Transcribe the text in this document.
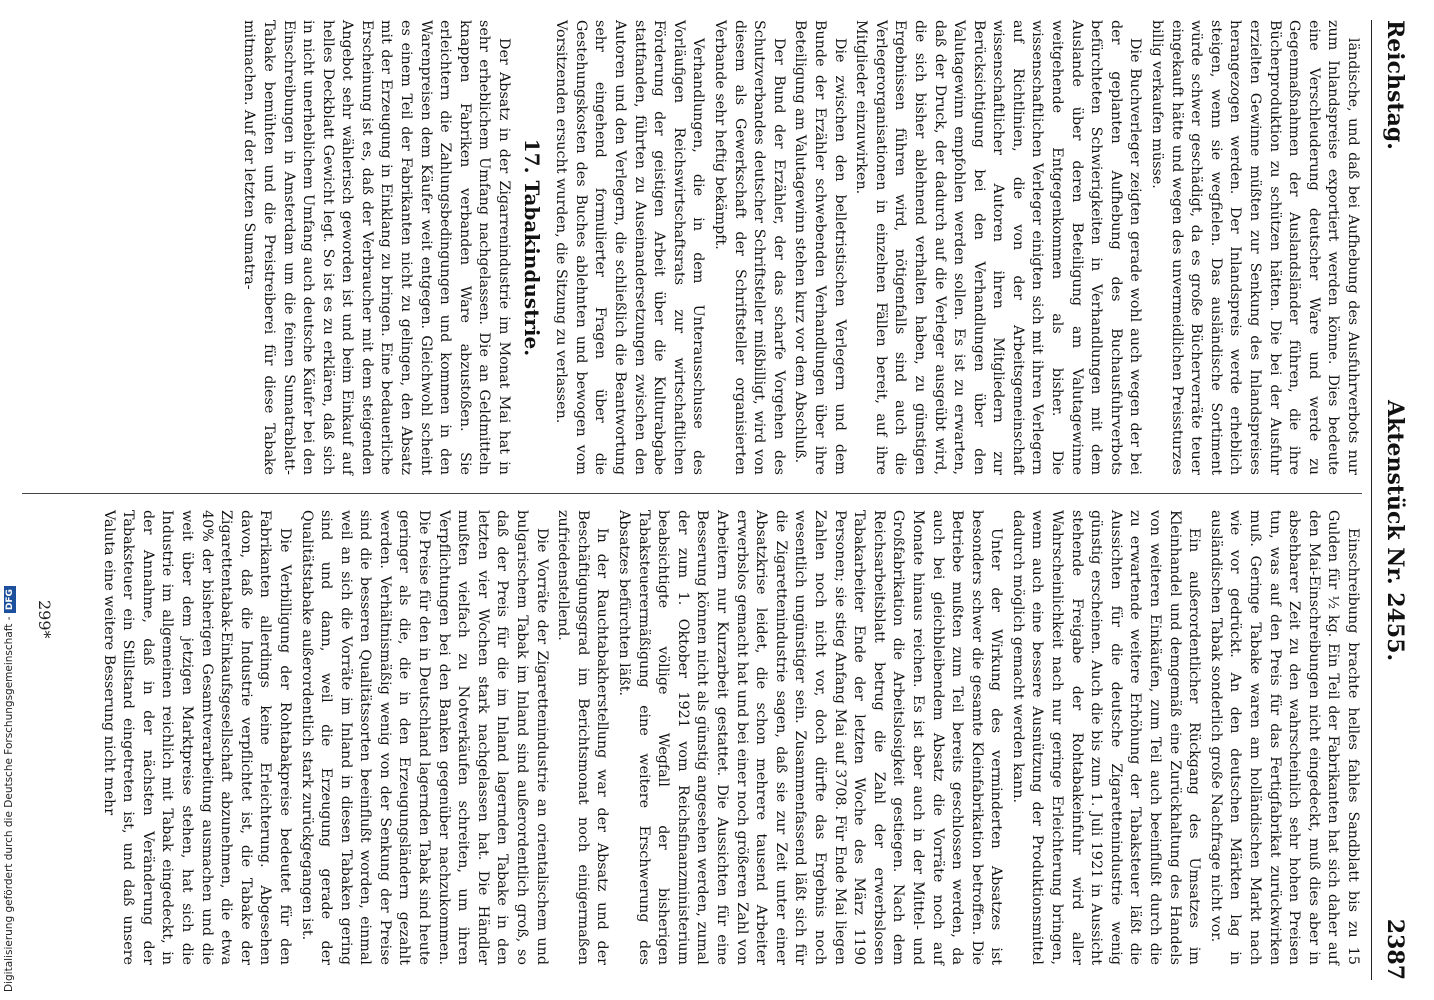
Reichstag.
Aktenstück Nr. 2455.
2387

ländische, und daß bei Aufhebung des Ausfuhrverbots nur zum Inlandspreise exportiert werden könne. Dies bedeute eine Verschleuderung deutscher Ware und werde zu Gegenmaßnahmen der Auslandsländer führen, die ihre Bücherproduktion zu schützen hätten. Die bei der Ausfuhr erzielten Gewinne müßten zur Senkung des Inlandspreises herangezogen werden. Der Inlandspreis werde erheblich steigen, wenn sie wegfielen. Das ausländische Sortiment würde schwer geschädigt, da es große Bücherverräte teuer eingekauft hätte und wegen des unvermeidlichen Preissturzes billig verkaufen müsse.

Die Buchverleger zeigten gerade wohl auch wegen der bei der geplanten Aufhebung des Buchausfuhrverbots befürchteten Schwierigkeiten in Verhandlungen mit dem Auslande über deren Beteiligung am Valutagewinne weitgehende Entgegenkommen als bisher. Die wissenschaftlichen Verleger einigten sich mit ihren Verlegern auf Richtlinien, die von der Arbeitsgemeinschaft wissenschaftlicher Autoren ihren Mitgliedern zur Berücksichtigung bei den Verhandlungen über den Valutagewinn empfohlen werden sollen. Es ist zu erwarten, daß der Druck, der dadurch auf die Verleger ausgeübt wird, die sich bisher ablehnend verhalten haben, zu günstigen Ergebnissen führen wird, nötigenfalls sind auch die Verlegerorganisationen in einzelnen Fällen bereit, auf ihre Mitglieder einzuwirken.

Die zwischen den belletristischen Verlegern und dem Bunde der Erzähler schwebenden Verhandlungen über ihre Beteiligung am Valutagewinn stehen kurz vor dem Abschluß.

Der Bund der Erzähler, der das scharfe Vorgehen des Schutzverbandes deutscher Schriftsteller mißbilligt, wird von diesem als Gewerkschaft der Schriftsteller organisierten Verbande sehr heftig bekämpft.

Verhandlungen, die in dem Unterausschusse des Vorläufigen Reichswirtschaftsrats zur wirtschaftlichen Förderung der geistigen Arbeit über die Kulturabgabe stattfanden, führten zu Auseinandersetzungen zwischen den Autoren und den Verlegern, die schließlich die Beantwortung sehr eingehend formulierter Fragen über die Gestehungskosten des Buches ablehnten und bewogen vom Vorsitzenden ersucht wurden, die Sitzung zu verlassen.

17. Tabakindustrie.

Der Absatz in der Zigarrenindustrie im Monat Mai hat in sehr erheblichem Umfang nachgelassen. Die an Geldmitteln knappen Fabriken verbanden Ware abzustoßen. Sie erleichtern die Zahlungsbedingungen und kommen in den Warenpreisen dem Käufer weit entgegen. Gleichwohl scheint es einem Teil der Fabrikanten nicht zu gelingen, den Absatz mit der Erzeugung in Einklang zu bringen. Eine bedauerliche Erscheinung ist es, daß der Verbraucher mit dem steigenden Angebot sehr wählerisch geworden ist und beim Einkauf auf helles Deckblatt Gewicht legt. So ist es zu erklären, daß sich in nicht unerheblichem Umfang auch deutsche Käufer bei den Einschreibungen in Amsterdam um die feinen Sumatrablatt-Tabake bemühten und die Preistreiberei für diese Tabake mitmachen. Auf der letzten Sumatra-

Einschreibung brachte helles fahles Sandblatt bis zu 15 Gulden für ½ kg. Ein Teil der Fabrikanten hat sich daher auf den Mai-Einschreibungen nicht eingedeckt, muß dies aber in absehbarer Zeit zu den wahrscheinlich sehr hohen Preisen tun, was auf den Preis für das Fertigfabrikat zurückwirken muß. Geringe Tabake waren am holländischen Markt nach wie vor gedrückt. An den deutschen Märkten lag in ausländischen Tabak sonderlich große Nachfrage nicht vor.

Ein außerordentlicher Rückgang des Umsatzes im Kleinhandel und demgemäß eine Zurückhaltung des Handels von weiteren Einkäufen, zum Teil auch beeinflußt durch die zu erwartende weitere Erhöhung der Tabaksteuer läßt die Aussichten für die deutsche Zigarettenindustrie wenig günstig erscheinen. Auch die bis zum 1. Juli 1921 in Aussicht stehende Freigabe der Rohtabakeinfuhr wird aller Wahrscheinlichkeit nach nur geringe Erleichterung bringen, wenn auch eine bessere Ausnützung der Produktionsmittel dadurch möglich gemacht werden kann.

Unter der Wirkung des verminderten Absatzes ist besonders schwer die gesamte Kleinfabrikation betroffen. Die Betriebe mußten zum Teil bereits geschlossen werden, da auch bei gleichbleibendem Absatz die Vorräte noch auf Monate hinaus reichen. Es ist aber auch in der Mittel- und Großfabrikation die Arbeitslosigkeit gestiegen. Nach dem Reichsarbeitsblatt betrug die Zahl der erwerbslosen Tabakarbeiter Ende der letzten Woche des März 1190 Personen; sie stieg Anfang Mai auf 3708. Für Ende Mai liegen Zahlen noch nicht vor, doch dürfte das Ergebnis noch wesentlich ungünstiger sein. Zusammenfassend läßt sich für die Zigarettenindustrie sagen, daß sie zur Zeit unter einer Absatzkrise leidet, die schon mehrere tausend Arbeiter erwerbslos gemacht hat und bei einer noch größeren Zahl von Arbeitern nur Kurzarbeit gestattet. Die Aussichten für eine Besserung können nicht als günstig angesehen werden, zumal der zum 1. Oktober 1921 vom Reichsfinanzministerium beabsichtigte völlige Wegfall der bisherigen Tabaksteuerermäßigung eine weitere Erschwerung des Absatzes befürchten läßt.

In der Rauchtabakherstellung war der Absatz und der Beschäftigungsgrad im Berichtsmonat noch einigermaßen zufriedenstellend.

Die Vorräte der Zigarettenindustrie an orientalischem und bulgarischem Tabak im Inland sind außerordentlich groß, so daß der Preis für die im Inland lagernden Tabake in den letzten vier Wochen stark nachgelassen hat. Die Händler mußten vielfach zu Notverkäufen schreiten, um ihren Verpflichtungen bei den Banken gegenüber nachzukommen. Die Preise für den in Deutschland lagernden Tabak sind heute geringer als die, die in den Erzeugungsländern gezahlt werden. Verhältnismäßig wenig von der Senkung der Preise sind die besseren Qualitätssorten beeinflußt worden, einmal weil an sich die Vorräte im Inland in diesen Tabaken gering sind und dann, weil die Erzeugung gerade der Qualitätstabake außerordentlich stark zurückgegangen ist.

Die Verbilligung der Rohtabakpreise bedeutet für den Fabrikanten allerdings keine Erleichterung. Abgesehen davon, daß die Industrie verpflichtet ist, die Tabake der Zigarettentabak-Einkaufsgesellschaft abzunehmen, die etwa 40% der bisherigen Gesamtverarbeitung ausmachen und die weit über dem jetzigen Marktpreise stehen, hat sich die Industrie im allgemeinen reichlich mit Tabak eingedeckt, in der Annahme, daß in der nächsten Veränderung der Tabaksteuer ein Stillstand eingetreten ist, und daß unsere Valuta eine weitere Besserung nicht mehr

299*
Digitalisierung gefördert durch die Deutsche Forschungsgemeinschaft - DFG
